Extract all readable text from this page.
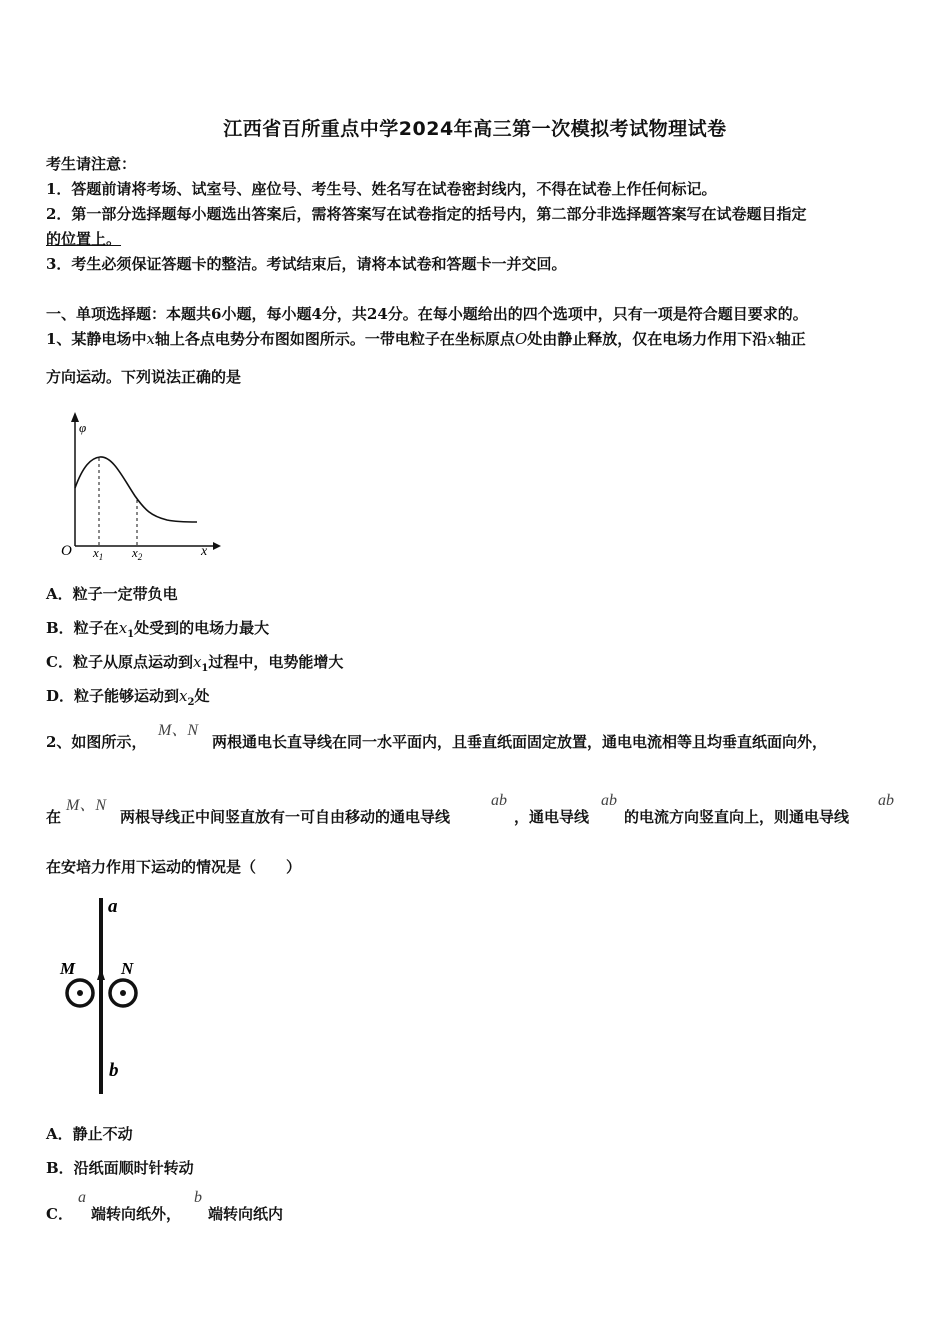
江西省百所重点中学2024年高三第一次模拟考试物理试卷
考生请注意：
1．答题前请将考场、试室号、座位号、考生号、姓名写在试卷密封线内，不得在试卷上作任何标记。
2．第一部分选择题每小题选出答案后，需将答案写在试卷指定的括号内，第二部分非选择题答案写在试卷题目指定
的位置上。
3．考生必须保证答题卡的整洁。考试结束后，请将本试卷和答题卡一并交回。
一、单项选择题：本题共6小题，每小题4分，共24分。在每小题给出的四个选项中，只有一项是符合题目要求的。
1、某静电场中x轴上各点电势分布图如图所示。一带电粒子在坐标原点O处由静止释放，仅在电场力作用下沿x轴正
方向运动。下列说法正确的是
φ
O $x_1$ $x_2$	x
A．粒子一定带负电
B．粒子在$x_1$处受到的电场力最大
C．粒子从原点运动到$x_1$过程中，电势能增大
D．粒子能够运动到$x_2$处
2、如图所示，
M、N
两根通电长直导线在同一水平面内，且垂直纸面固定放置，通电电流相等且均垂直纸面向外，
在
M、N
两根导线正中间竖直放有一可自由移动的通电导线
ab
，通电导线
ab
的电流方向竖直向上，则通电导线
ab
在安培力作用下运动的情况是（　　）
a
b
M	N
A．静止不动
B．沿纸面顺时针转动
C．
a
端转向纸外，
b
端转向纸内
